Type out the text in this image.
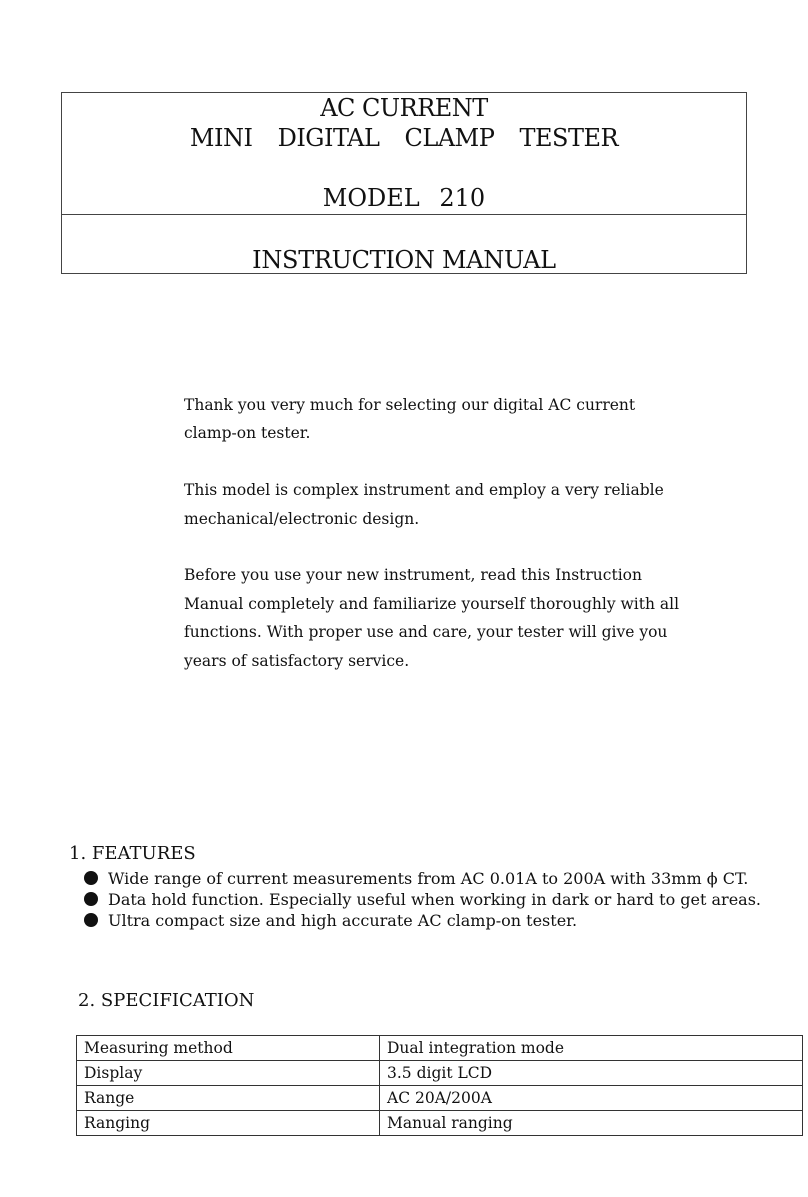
AC CURRENT
MINI DIGITAL CLAMP TESTER
MODEL 210
INSTRUCTION MANUAL

Thank you very much for selecting our digital AC current clamp-on tester.

This model is complex instrument and employ a very reliable mechanical/electronic design.

Before you use your new instrument, read this Instruction Manual completely and familiarize yourself thoroughly with all functions. With proper use and care, your tester will give you years of satisfactory service.

1. FEATURES
Wide range of current measurements from AC 0.01A to 200A with 33mm ϕ CT.
Data hold function. Especially useful when working in dark or hard to get areas.
Ultra compact size and high accurate AC clamp-on tester.
2. SPECIFICATION
Measuring method	Dual integration mode
Display	3.5 digit LCD
Range	AC 20A/200A
Ranging	Manual ranging
